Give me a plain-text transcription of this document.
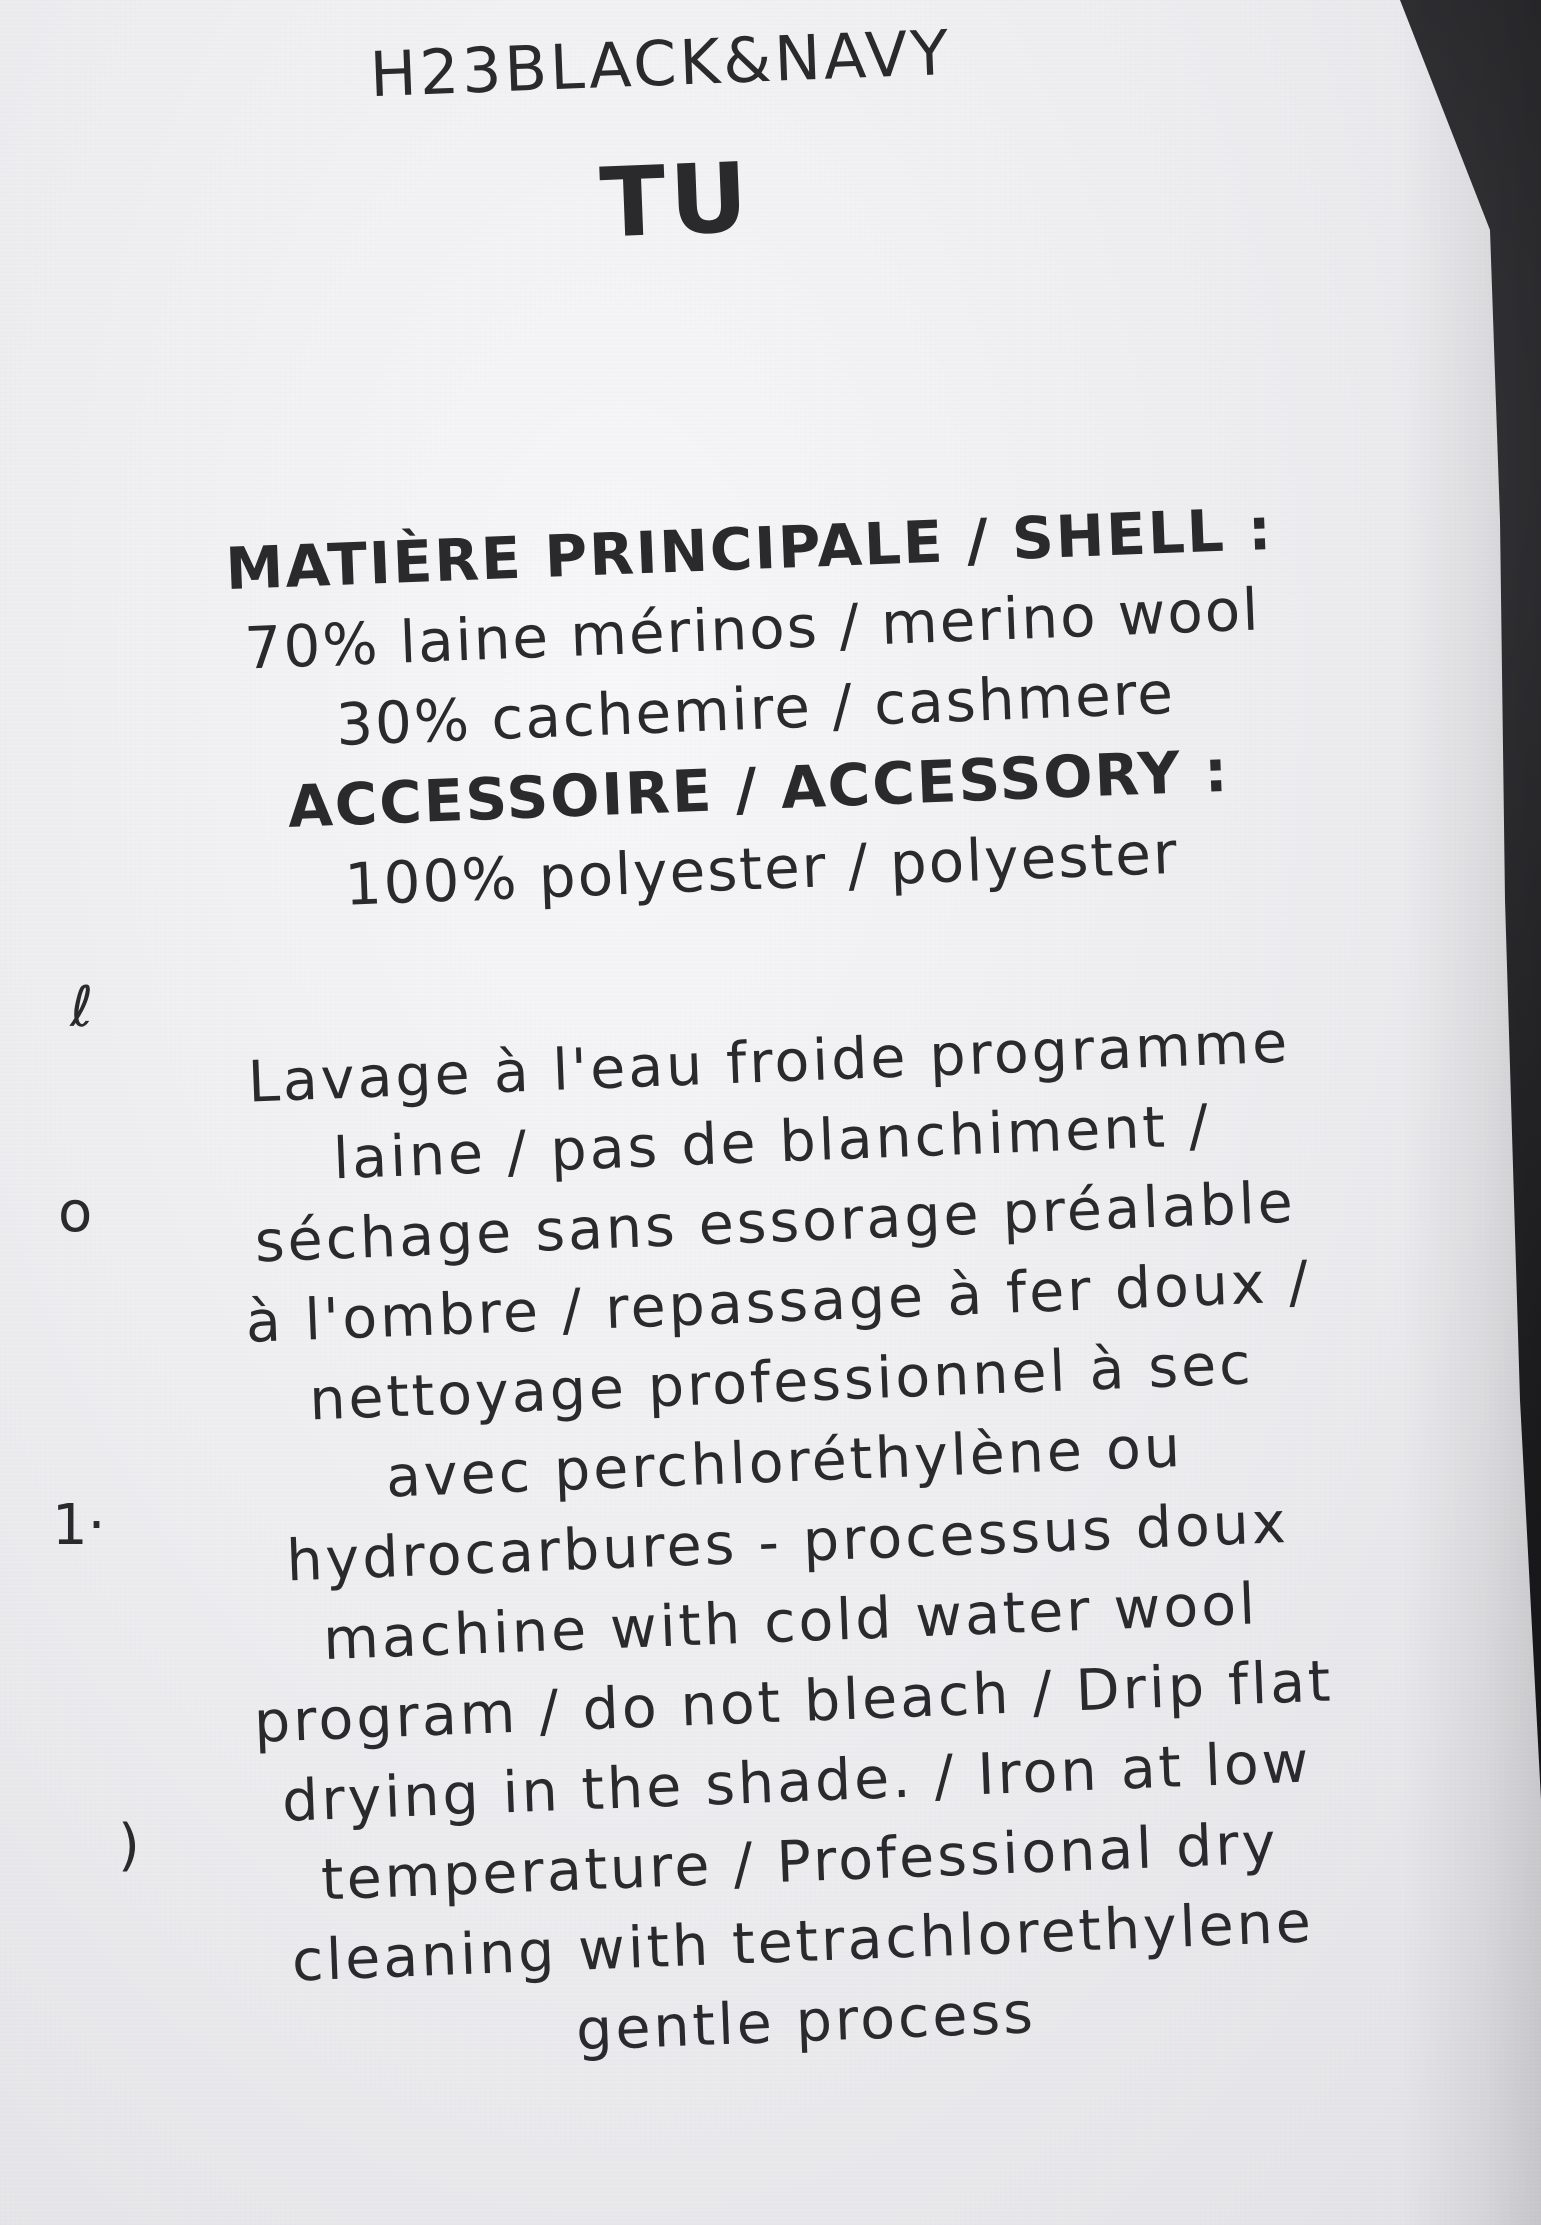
H23BLACK&NAVY
TU
MATIÈRE PRINCIPALE / SHELL :
70% laine mérinos / merino wool
30% cachemire / cashmere
ACCESSOIRE / ACCESSORY :
100% polyester / polyester
Lavage à l'eau froide programme
laine / pas de blanchiment /
séchage sans essorage préalable
à l'ombre / repassage à fer doux /
nettoyage professionnel à sec
avec perchloréthylène ou
hydrocarbures - processus doux
machine with cold water wool
program / do not bleach / Drip flat
drying in the shade. / Iron at low
temperature / Professional dry
cleaning with tetrachlorethylene
gentle process
ℓ
o
1·
)
